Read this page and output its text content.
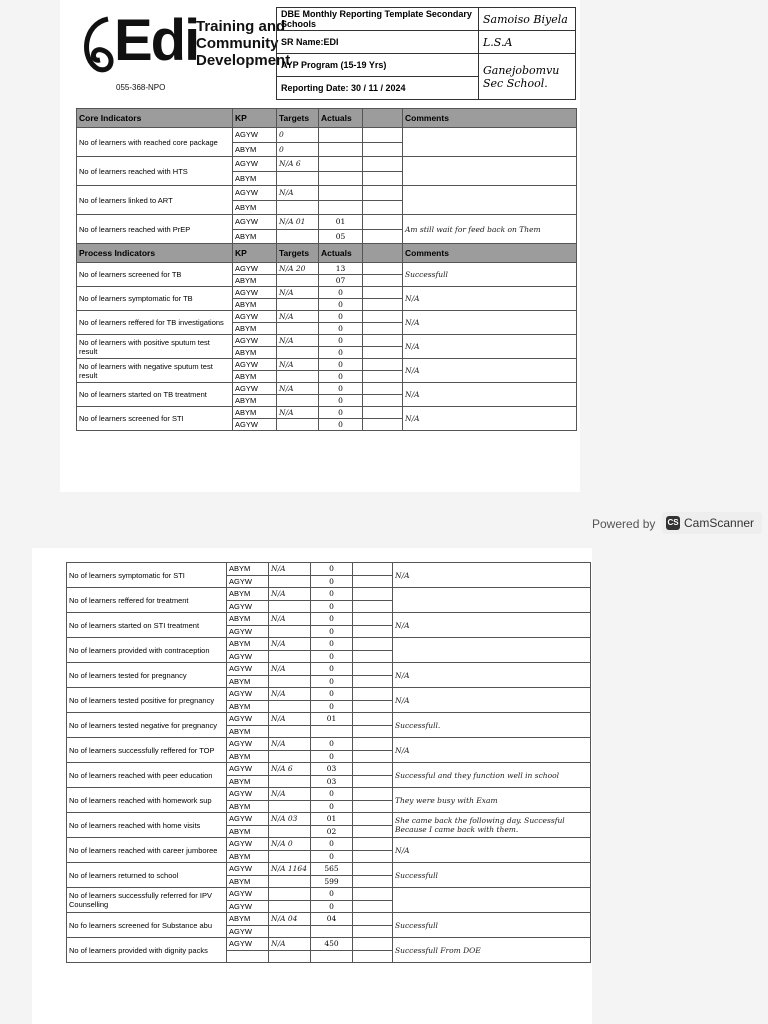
Edi
Training and
Community
Development
055-368-NPO
DBE Monthly Reporting Template Secondary Schools	Samoiso Biyela
SR Name:EDI	L.S.A
AYP Program (15-19 Yrs)	Ganejobomvu Sec School.
Reporting Date: 30 / 11 / 2024	
Core Indicators	KP	Targets	Actuals		Comments
No of learners with reached core package	AGYW	0			
	ABYM	0			
No of learners reached with HTS	AGYW	N/A 6			
	ABYM				
No of learners linked to ART	AGYW	N/A			
	ABYM				
No of learners reached with PrEP	AGYW	N/A 01	01		Am still wait for feed back on Them
	ABYM		05		
Process Indicators	KP	Targets	Actuals		Comments
No of learners screened for TB	AGYW	N/A 20	13		Successfull
	ABYM		07		
No of learners symptomatic for TB	AGYW	N/A	0		N/A
	ABYM		0		
No of learners reffered for TB investigations	AGYW	N/A	0		N/A
	ABYM		0		
No of learners with positive sputum test result	AGYW	N/A	0		N/A
	ABYM		0		
No of learners with negative sputum test result	AGYW	N/A	0		N/A
	ABYM		0		
No of learners started on TB treatment	AGYW	N/A	0		N/A
	ABYM		0		
No of learners screened for STI	ABYM	N/A	0		N/A
	AGYW		0		
No of learners symptomatic for STI	ABYM	N/A	0		N/A
	AGYW		0		
No of learners reffered for treatment	ABYM	N/A	0		
	AGYW		0		
No of learners started on STI treatment	ABYM	N/A	0		N/A
	AGYW		0		
No of learners provided with contraception	ABYM	N/A	0		
	AGYW		0		
No of learners tested for pregnancy	AGYW	N/A	0		N/A
	ABYM		0		
No of learners tested positive for pregnancy	AGYW	N/A	0		N/A
	ABYM		0		
No of learners tested negative for pregnancy	AGYW	N/A	01		Successfull.
	ABYM				
No of learners successfully reffered for TOP	AGYW	N/A	0		N/A
	ABYM		0		
No of learners reached with peer education	AGYW	N/A 6	03		Successful and they function well in school
	ABYM		03		
No of learners reached with homework sup	AGYW	N/A	0		They were busy with Exam
	ABYM		0		
No of learners reached with home visits	AGYW	N/A 03	01		She came back the following day. Successful Because I came back with them.
	ABYM		02		
No of learners reached with career jumboree	AGYW	N/A 0	0		N/A
	ABYM		0		
No of learners returned to school	AGYW	N/A 1164	565		Successfull
	ABYM		599		
No of learners successfully referred for IPV Counselling	AGYW		0		
	AGYW		0		
No fo learners screened for Substance abu	ABYM	N/A 04	04		Successfull
	AGYW				
No of learners provided with dignity packs	AGYW	N/A	450		Successfull From DOE

Powered by CS CamScanner
